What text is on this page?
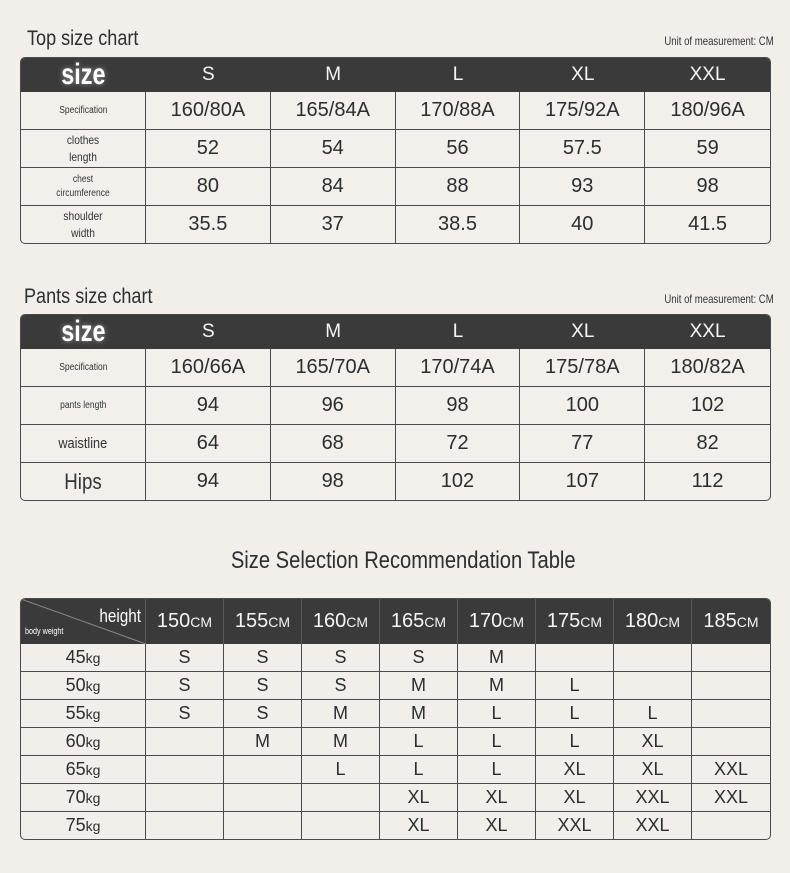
Top size chart	Unit of measurement: CM
size	S	M	L	XL	XXL
Specification	160/80A	165/84A	170/88A	175/92A	180/96A
clothes length	52	54	56	57.5	59
chest circumference	80	84	88	93	98
shoulder width	35.5	37	38.5	40	41.5
Pants size chart	Unit of measurement: CM
size	S	M	L	XL	XXL
Specification	160/66A	165/70A	170/74A	175/78A	180/82A
pants length	94	96	98	100	102
waistline	64	68	72	77	82
Hips	94	98	102	107	112
Size Selection Recommendation Table
height
body weight	150CM	155CM	160CM	165CM	170CM	175CM	180CM	185CM
45kg	S	S	S	S	M			
50kg	S	S	S	M	M	L		
55kg	S	S	M	M	L	L	L	
60kg		M	M	L	L	L	XL	
65kg			L	L	L	XL	XL	XXL
70kg				XL	XL	XL	XXL	XXL
75kg				XL	XL	XXL	XXL	
